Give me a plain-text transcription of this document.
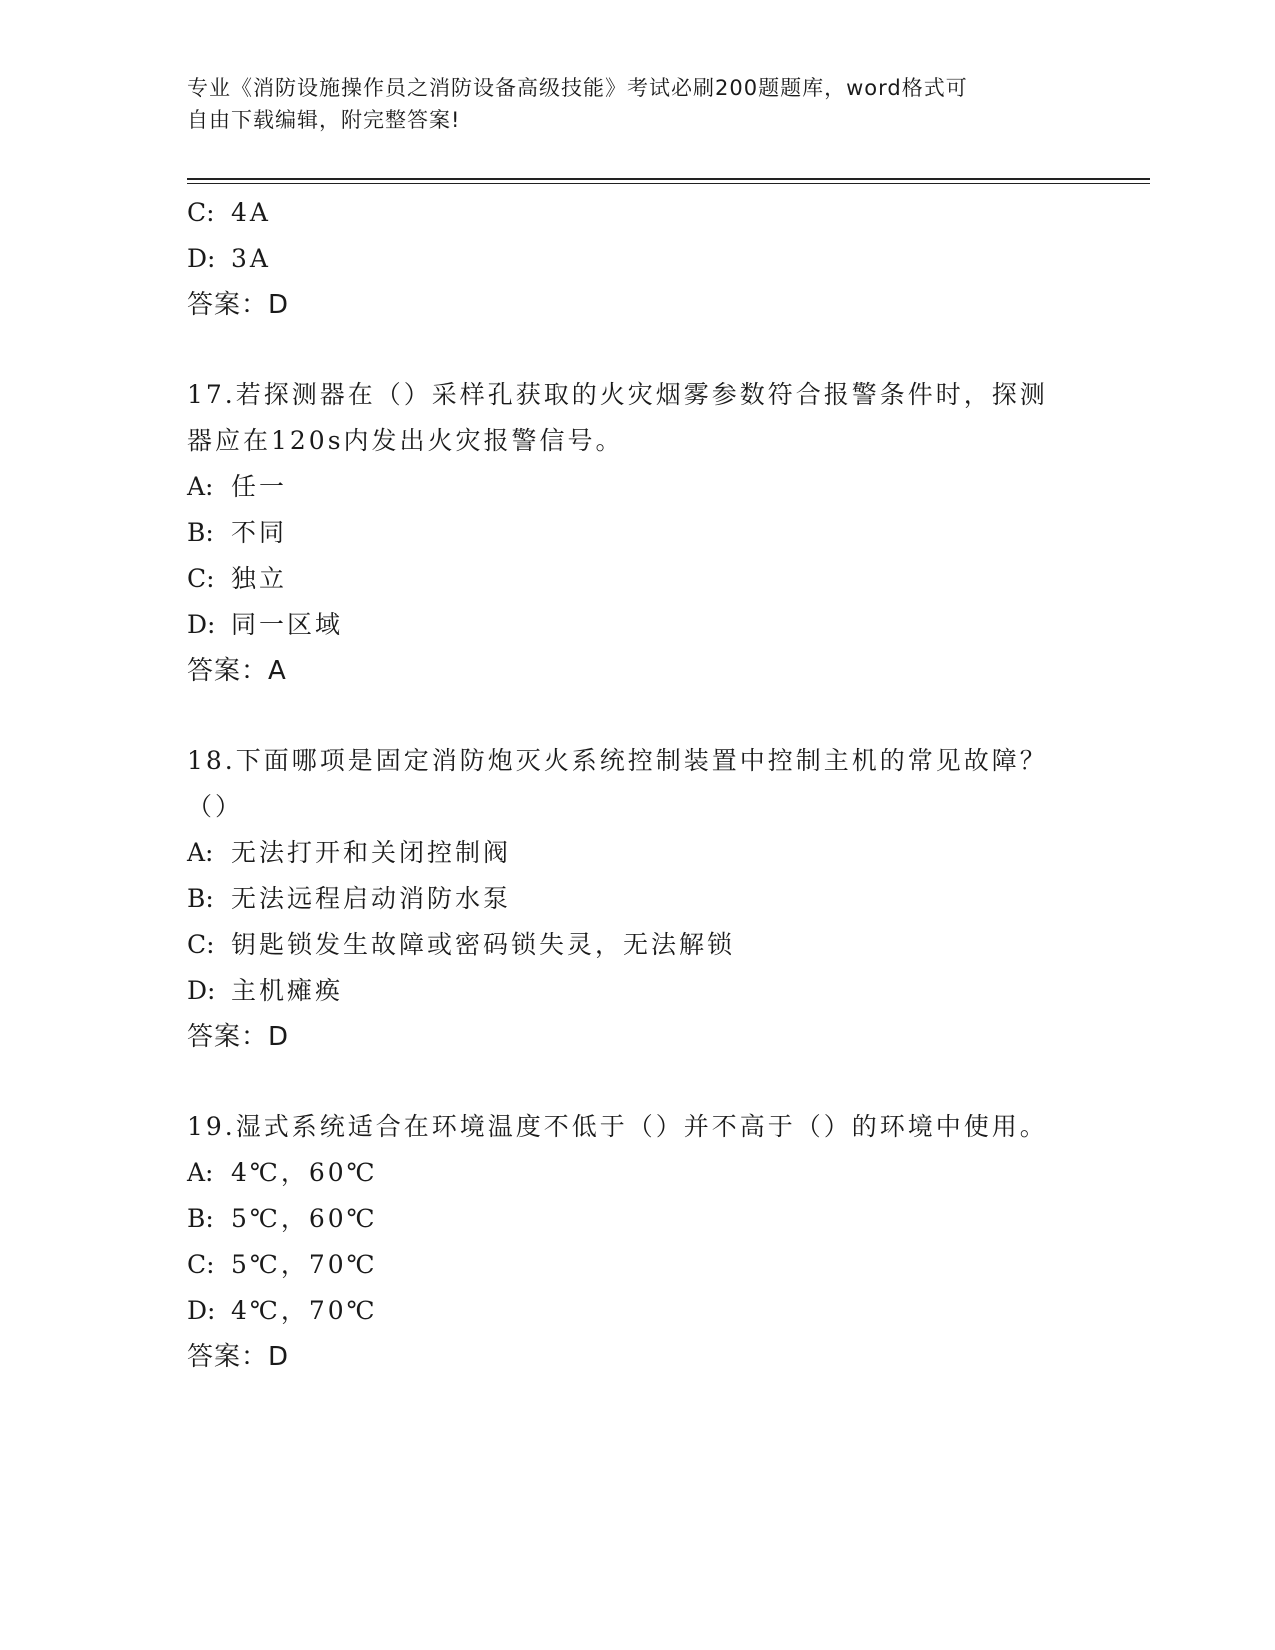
专业《消防设施操作员之消防设备高级技能》考试必刷200题题库，word格式可
自由下载编辑，附完整答案!
C: 4A
D: 3A
答案：D
17.若探测器在（）采样孔获取的火灾烟雾参数符合报警条件时，探测
器应在120s内发出火灾报警信号。
A: 任一
B: 不同
C: 独立
D: 同一区域
答案：A
18.下面哪项是固定消防炮灭火系统控制装置中控制主机的常见故障？
（）
A: 无法打开和关闭控制阀
B: 无法远程启动消防水泵
C: 钥匙锁发生故障或密码锁失灵，无法解锁
D: 主机瘫痪
答案：D
19.湿式系统适合在环境温度不低于（）并不高于（）的环境中使用。
A: 4℃，60℃
B: 5℃，60℃
C: 5℃，70℃
D: 4℃，70℃
答案：D
